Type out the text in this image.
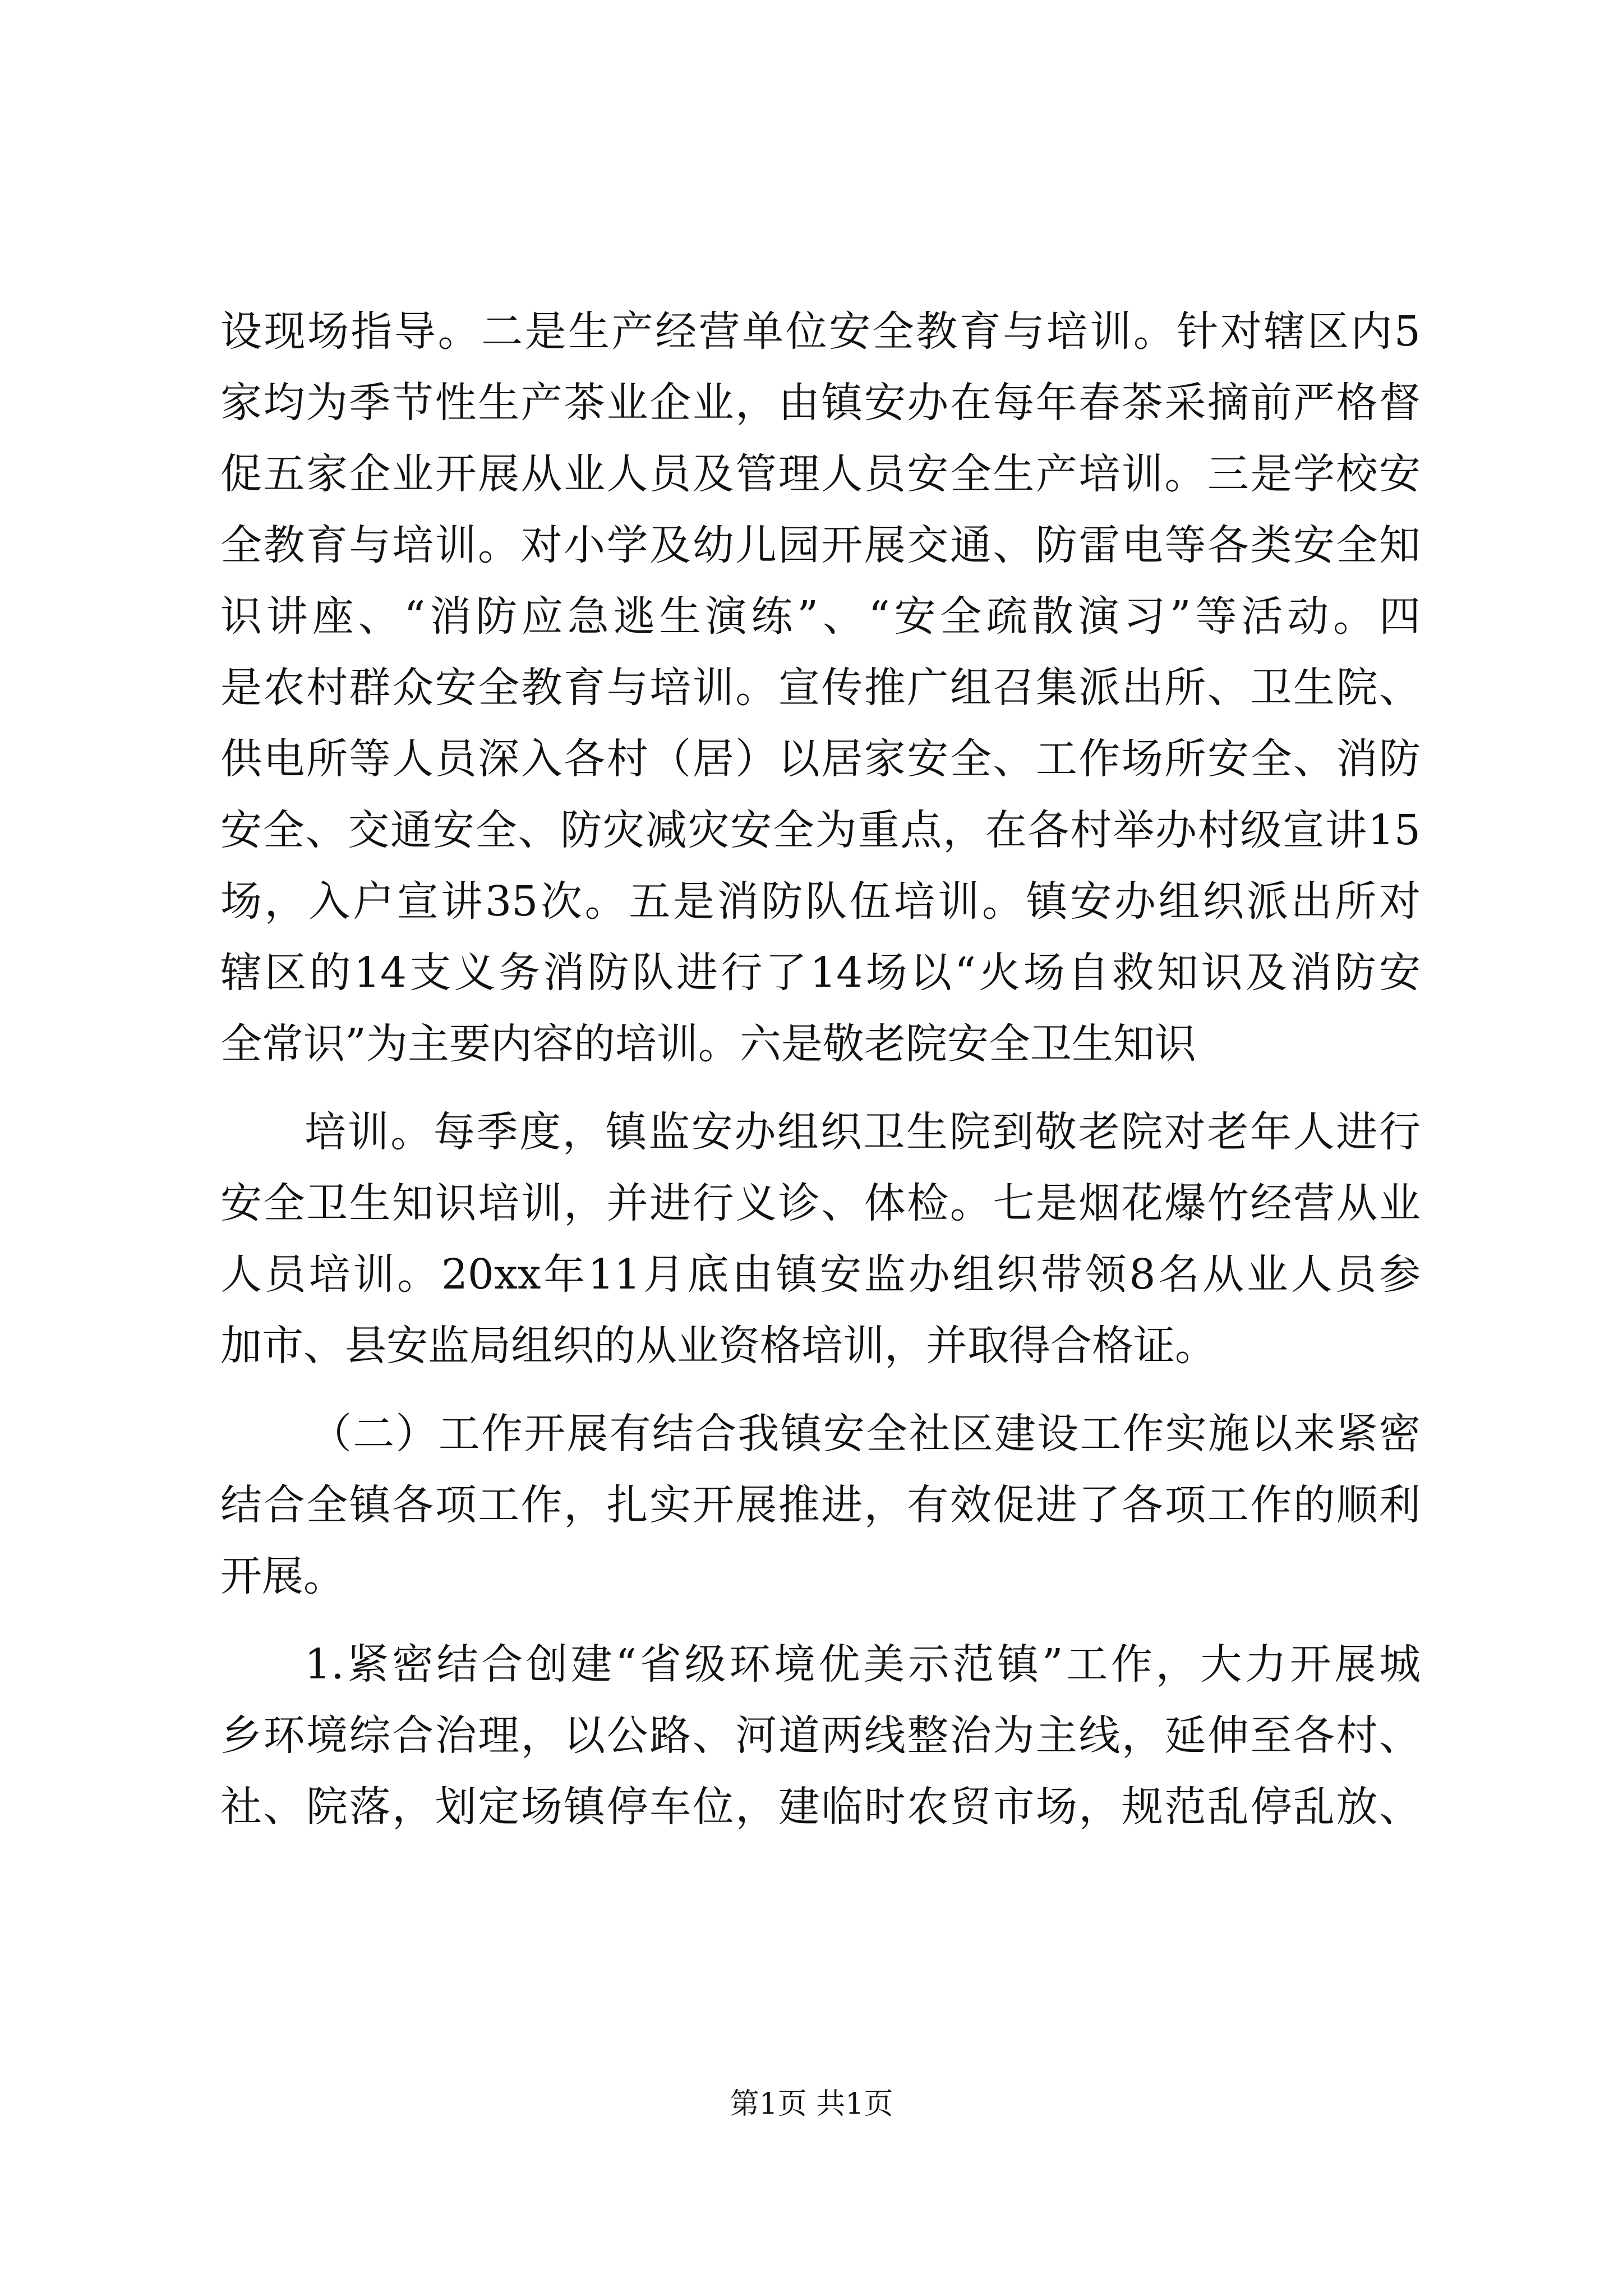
设现场指导。二是生产经营单位安全教育与培训。针对辖区内5

家均为季节性生产茶业企业，由镇安办在每年春茶采摘前严格督

促五家企业开展从业人员及管理人员安全生产培训。三是学校安

全教育与培训。对小学及幼儿园开展交通、防雷电等各类安全知

识讲座、“消防应急逃生演练”、“安全疏散演习”等活动。四

是农村群众安全教育与培训。宣传推广组召集派出所、卫生院、

供电所等人员深入各村（居）以居家安全、工作场所安全、消防

安全、交通安全、防灾减灾安全为重点，在各村举办村级宣讲15

场，入户宣讲35次。五是消防队伍培训。镇安办组织派出所对

辖区的14支义务消防队进行了14场以“火场自救知识及消防安

全常识”为主要内容的培训。六是敬老院安全卫生知识

培训。每季度，镇监安办组织卫生院到敬老院对老年人进行

安全卫生知识培训，并进行义诊、体检。七是烟花爆竹经营从业

人员培训。20xx年11月底由镇安监办组织带领8名从业人员参

加市、县安监局组织的从业资格培训，并取得合格证。

（二）工作开展有结合我镇安全社区建设工作实施以来紧密

结合全镇各项工作，扎实开展推进，有效促进了各项工作的顺利

开展。

1.紧密结合创建“省级环境优美示范镇”工作，大力开展城

乡环境综合治理，以公路、河道两线整治为主线，延伸至各村、

社、院落，划定场镇停车位，建临时农贸市场，规范乱停乱放、

第1页 共1页
